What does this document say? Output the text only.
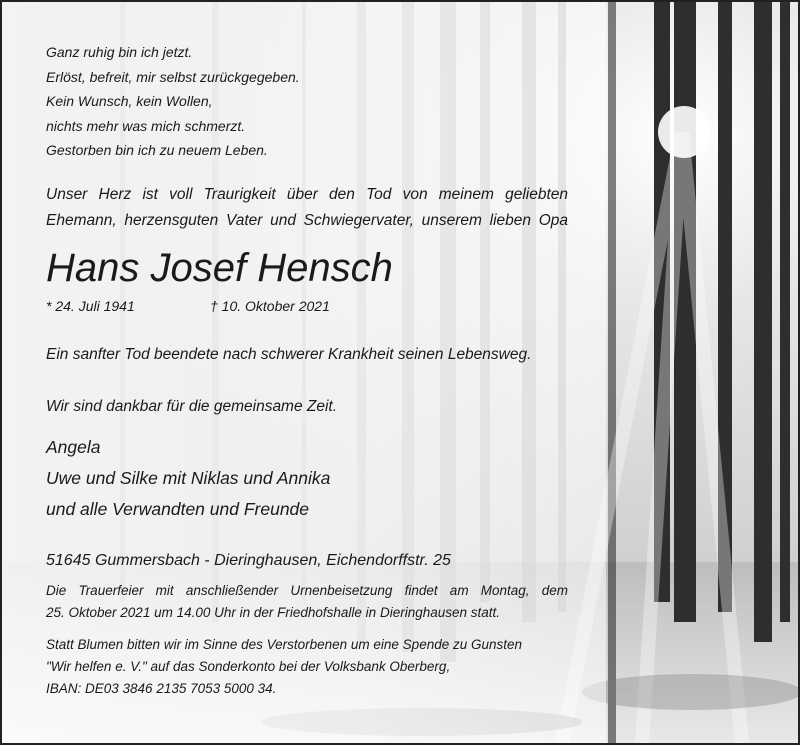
Ganz ruhig bin ich jetzt.
Erlöst, befreit, mir selbst zurückgegeben.
Kein Wunsch, kein Wollen,
nichts mehr was mich schmerzt.
Gestorben bin ich zu neuem Leben.
Unser Herz ist voll Traurigkeit über den Tod von meinem geliebten
Ehemann, herzensguten Vater und Schwiegervater, unserem lieben Opa
Hans Josef Hensch
* 24. Juli 1941	† 10. Oktober 2021
Ein sanfter Tod beendete nach schwerer Krankheit seinen Lebensweg.
Wir sind dankbar für die gemeinsame Zeit.
Angela
Uwe und Silke mit Niklas und Annika
und alle Verwandten und Freunde
51645 Gummersbach - Dieringhausen, Eichendorffstr. 25
Die Trauerfeier mit anschließender Urnenbeisetzung findet am Montag, dem
25. Oktober 2021 um 14.00 Uhr in der Friedhofshalle in Dieringhausen statt.
Statt Blumen bitten wir im Sinne des Verstorbenen um eine Spende zu Gunsten
"Wir helfen e. V." auf das Sonderkonto bei der Volksbank Oberberg,
IBAN: DE03 3846 2135 7053 5000 34.
